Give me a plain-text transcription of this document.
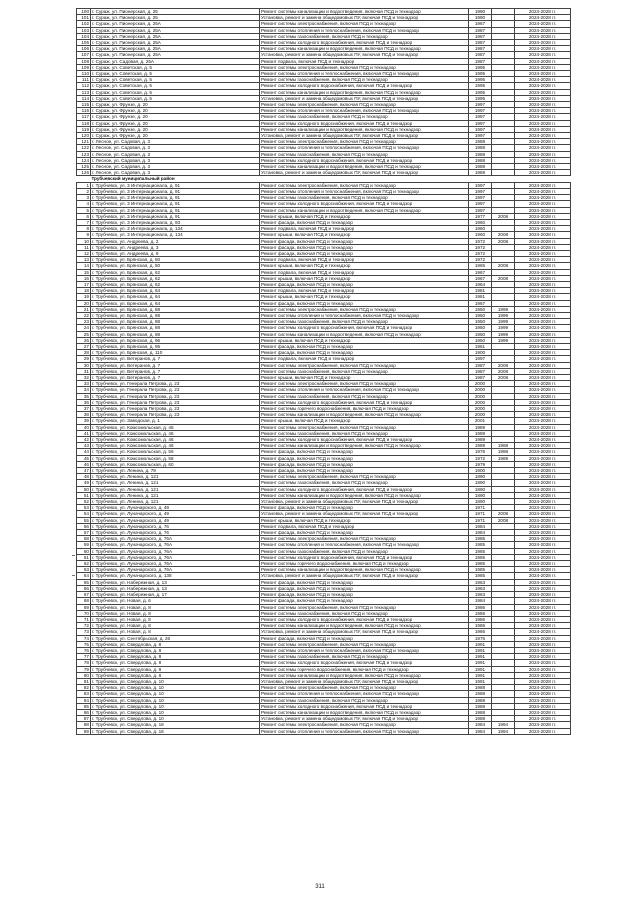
100	г. Сураж, ул. Пионерская, д. 25	Ремонт системы канализации и водоотведения, включая ПСД и технадзор	1990		2024-2028 гг.
101	г. Сураж, ул. Пионерская, д. 25	Установка, ремонт и замена общедомовых ПУ, включая ПСД и технадзор	1990		2024-2028 гг.
102	г. Сураж, ул. Пионерская, д. 25А	Ремонт системы электроснабжения, включая ПСД и технадзор	1987		2024-2028 гг.
103	г. Сураж, ул. Пионерская, д. 25А	Ремонт системы отопления и теплоснабжения, включая ПСД и технадзор	1987		2024-2028 гг.
104	г. Сураж, ул. Пионерская, д. 25А	Ремонт системы газоснабжения, включая ПСД и технадзор	1987		2024-2028 гг.
105	г. Сураж, ул. Пионерская, д. 25А	Ремонт системы холодного водоснабжения, включая ПСД и технадзор	1987		2024-2028 гг.
106	г. Сураж, ул. Пионерская, д. 25А	Ремонт системы канализации и водоотведения, включая ПСД и технадзор	1987		2024-2028 гг.
107	г. Сураж, ул. Пионерская, д. 25А	Установка, ремонт и замена общедомовых ПУ, включая ПСД и технадзор	1987		2024-2028 гг.
108	г. Сураж, ул. Садовая, д. 25А	Ремонт подвала, включая ПСД и технадзор	1987		2024-2028 гг.
109	г. Сураж, ул. Советская, д. 5	Ремонт системы электроснабжения, включая ПСД и технадзор	1995		2024-2028 гг.
110	г. Сураж, ул. Советская, д. 5	Ремонт системы отопления и теплоснабжения, включая ПСД и технадзор	1995		2024-2028 гг.
111	г. Сураж, ул. Советская, д. 5	Ремонт системы газоснабжения, включая ПСД и технадзор	1995		2024-2028 гг.
112	г. Сураж, ул. Советская, д. 5	Ремонт системы холодного водоснабжения, включая ПСД и технадзор	1995		2024-2028 гг.
113	г. Сураж, ул. Советская, д. 5	Ремонт системы канализации и водоотведения, включая ПСД и технадзор	1995		2024-2028 гг.
114	г. Сураж, ул. Советская, д. 5	Установка, ремонт и замена общедомовых ПУ, включая ПСД и технадзор	1995		2024-2028 гг.
115	г. Сураж, ул. Фрунзе, д. 20	Ремонт системы электроснабжения, включая ПСД и технадзор	1997		2024-2028 гг.
116	г. Сураж, ул. Фрунзе, д. 20	Ремонт системы отопления и теплоснабжения, включая ПСД и технадзор	1997		2024-2028 гг.
117	г. Сураж, ул. Фрунзе, д. 20	Ремонт системы газоснабжения, включая ПСД и технадзор	1997		2024-2028 гг.
118	г. Сураж, ул. Фрунзе, д. 20	Ремонт системы холодного водоснабжения, включая ПСД и технадзор	1997		2024-2028 гг.
119	г. Сураж, ул. Фрунзе, д. 20	Ремонт системы канализации и водоотведения, включая ПСД и технадзор	1997		2024-2028 гг.
120	г. Сураж, ул. Фрунзе, д. 20	Установка, ремонт и замена общедомовых ПУ, включая ПСД и технадзор	1997		2024-2028 гг.
121	г. Лесное, ул. Садовая, д. 3	Ремонт системы электроснабжения, включая ПСД и технадзор	1988		2024-2028 гг.
122	г. Лесное, ул. Садовая, д. 3	Ремонт системы отопления и теплоснабжения, включая ПСД и технадзор	1988		2024-2028 гг.
123	г. Лесное, ул. Садовая, д. 3	Ремонт системы газоснабжения, включая ПСД и технадзор	1988		2024-2028 гг.
124	г. Лесное, ул. Садовая, д. 3	Ремонт системы холодного водоснабжения, включая ПСД и технадзор	1988		2024-2028 гг.
125	г. Лесное, ул. Садовая, д. 3	Ремонт системы канализации и водоотведения, включая ПСД и технадзор	1988		2024-2028 гг.
126	г. Лесное, ул. Садовая, д. 3	Установка, ремонт и замена общедомовых ПУ, включая ПСД и технадзор	1988		2024-2028 гг.
	Трубчевский муниципальный район				
1	г. Трубчевск, ул. 3 Интернационала, д. 91	Ремонт системы электроснабжения, включая ПСД и технадзор	1997		2024-2028 гг.
2	г. Трубчевск, ул. 3 Интернационала, д. 91	Ремонт системы отопления и теплоснабжения, включая ПСД и технадзор	1997		2024-2028 гг.
3	г. Трубчевск, ул. 3 Интернационала, д. 91	Ремонт системы газоснабжения, включая ПСД и технадзор	1997		2024-2028 гг.
4	г. Трубчевск, ул. 3 Интернационала, д. 91	Ремонт системы холодного водоснабжения, включая ПСД и технадзор	1997		2024-2028 гг.
5	г. Трубчевск, ул. 3 Интернационала, д. 91	Ремонт системы канализации и водоотведения, включая ПСД и технадзор	1997		2024-2028 гг.
6	г. Трубчевск, ул. 3 Интернационала, д. 91	Ремонт крыши, включая ПСД и технадзор	1977	2008	2024-2028 гг.
7	г. Трубчевск, ул. 3 Интернационала, д. 93	Ремонт фасада, включая ПСД и технадзор	1960		2024-2028 гг.
8	г. Трубчевск, ул. 3 Интернационала, д. 134	Ремонт подвала, включая ПСД и технадзор	1960		2024-2028 гг.
9	г. Трубчевск, ул. 3 Интернационала, д. 134	Ремонт крыши, включая ПСД и технадзор	1960	2008	2024-2028 гг.
10	г. Трубчевск, ул. Андреева, д. 2	Ремонт фасада, включая ПСД и технадзор	1972	2008	2024-2028 гг.
11	г. Трубчевск, ул. Андреева, д. 3	Ремонт фасада, включая ПСД и технадзор	1972		2024-2028 гг.
12	г. Трубчевск, ул. Андреева, д. 9	Ремонт фасада, включая ПСД и технадзор	1972		2024-2028 гг.
13	г. Трубчевск, ул. Брянская, д. 50	Ремонт подвала, включая ПСД и технадзор	1972		2024-2028 гг.
14	г. Трубчевск, ул. Брянская, д. 50	Ремонт крыши, включая ПСД и технадзор	1965	2008	2024-2028 гг.
15	г. Трубчевск, ул. Брянская, д. 62	Ремонт подвала, включая ПСД и технадзор	1967		2024-2028 гг.
16	г. Трубчевск, ул. Брянская, д. 62	Ремонт крыши, включая ПСД и технадзор	1967	2008	2024-2028 гг.
17	г. Трубчевск, ул. Брянская, д. 62	Ремонт фасада, включая ПСД и технадзор	1964		2024-2028 гг.
18	г. Трубчевск, ул. Брянская, д. 64	Ремонт подвала, включая ПСД и технадзор	1981		2024-2028 гг.
19	г. Трубчевск, ул. Брянская, д. 64	Ремонт крыши, включая ПСД и технадзор	1981		2024-2028 гг.
20	г. Трубчевск, ул. Брянская, д. 64	Ремонт фасада, включая ПСД и технадзор	1967		2024-2028 гг.
21	г. Трубчевск, ул. Брянская, д. 88	Ремонт системы электроснабжения, включая ПСД и технадзор	1950	1999	2024-2028 гг.
22	г. Трубчевск, ул. Брянская, д. 88	Ремонт системы отопления и теплоснабжения, включая ПСД и технадзор	1950	1999	2024-2028 гг.
23	г. Трубчевск, ул. Брянская, д. 88	Ремонт системы газоснабжения, включая ПСД и технадзор	1950	1999	2024-2028 гг.
24	г. Трубчевск, ул. Брянская, д. 88	Ремонт системы холодного водоснабжения, включая ПСД и технадзор	1950	1999	2024-2028 гг.
25	г. Трубчевск, ул. Брянская, д. 88	Ремонт системы канализации и водоотведения, включая ПСД и технадзор	1950	1999	2024-2028 гг.
26	г. Трубчевск, ул. Брянская, д. 96	Ремонт крыши, включая ПСД и технадзор	1950	1999	2024-2028 гг.
27	г. Трубчевск, ул. Брянская, д. 96	Ремонт фасада, включая ПСД и технадзор	1961		2024-2028 гг.
28	г. Трубчевск, ул. Брянская, д. 110	Ремонт фасада, включая ПСД и технадзор	1900		2024-2028 гг.
29	г. Трубчевск, ул. Ветеранов, д. 7	Ремонт подвала, включая ПСД и технадзор	1997		2024-2028 гг.
30	г. Трубчевск, ул. Ветеранов, д. 7	Ремонт системы электроснабжения, включая ПСД и технадзор	1987	2008	2024-2028 гг.
31	г. Трубчевск, ул. Ветеранов, д. 7	Ремонт системы газоснабжения, включая ПСД и технадзор	1987	2008	2024-2028 гг.
32	г. Трубчевск, ул. Ветеранов, д. 7	Ремонт крыши, включая ПСД и технадзор	1987	2008	2024-2028 гг.
33	г. Трубчевск, ул. Генерала Петрова, д. 23	Ремонт системы электроснабжения, включая ПСД и технадзор	2000		2024-2028 гг.
34	г. Трубчевск, ул. Генерала Петрова, д. 23	Ремонт системы отопления и теплоснабжения, включая ПСД и технадзор	2000		2024-2028 гг.
35	г. Трубчевск, ул. Генерала Петрова, д. 23	Ремонт системы газоснабжения, включая ПСД и технадзор	2000		2024-2028 гг.
36	г. Трубчевск, ул. Генерала Петрова, д. 23	Ремонт системы холодного водоснабжения, включая ПСД и технадзор	2000		2024-2028 гг.
37	г. Трубчевск, ул. Генерала Петрова, д. 23	Ремонт системы горячего водоснабжения, включая ПСД и технадзор	2000		2024-2028 гг.
38	г. Трубчевск, ул. Генерала Петрова, д. 23	Ремонт системы канализации и водоотведения, включая ПСД и технадзор	2000		2024-2028 гг.
39	г. Трубчевск, ул. Заводская, д. 1	Ремонт крыши, включая ПСД и технадзор	2001		2024-2028 гг.
40	г. Трубчевск, ул. Комсомольская, д. 46	Ремонт системы электроснабжения, включая ПСД и технадзор	1989		2024-2028 гг.
41	г. Трубчевск, ул. Комсомольская, д. 46	Ремонт системы газоснабжения, включая ПСД и технадзор	1989		2024-2028 гг.
42	г. Трубчевск, ул. Комсомольская, д. 46	Ремонт системы холодного водоснабжения, включая ПСД и технадзор	1989		2024-2028 гг.
43	г. Трубчевск, ул. Комсомольская, д. 46	Ремонт системы канализации и водоотведения, включая ПСД и технадзор	1989	1988	2024-2028 гг.
44	г. Трубчевск, ул. Комсомольская, д. 56	Ремонт фасада, включая ПСД и технадзор	1976	1988	2024-2028 гг.
45	г. Трубчевск, ул. Комсомольская, д. 58	Ремонт фасада, включая ПСД и технадзор	1972	1989	2024-2028 гг.
46	г. Трубчевск, ул. Комсомольская, д. 60	Ремонт фасада, включая ПСД и технадзор	1979		2024-2028 гг.
47	г. Трубчевск, ул. Ленина, д. 79	Ремонт фасада, включая ПСД и технадзор	1900		2024-2028 гг.
48	г. Трубчевск, ул. Ленина, д. 121	Ремонт системы электроснабжения, включая ПСД и технадзор	1890		2024-2028 гг.
49	г. Трубчевск, ул. Ленина, д. 121	Ремонт системы газоснабжения, включая ПСД и технадзор	1890		2024-2028 гг.
50	г. Трубчевск, ул. Ленина, д. 121	Ремонт системы холодного водоснабжения, включая ПСД и технадзор	1890		2024-2028 гг.
51	г. Трубчевск, ул. Ленина, д. 121	Ремонт системы канализации и водоотведения, включая ПСД и технадзор	1890		2024-2028 гг.
52	г. Трубчевск, ул. Ленина, д. 121	Установка, ремонт и замена общедомовых ПУ, включая ПСД и технадзор	1890		2024-2028 гг.
53	г. Трубчевск, ул. Луначарского, д. 49	Ремонт фасада, включая ПСД и технадзор	1971		2024-2028 гг.
54	г. Трубчевск, ул. Луначарского, д. 49	Установка, ремонт и замена общедомовых ПУ, включая ПСД и технадзор	1971	2008	2024-2028 гг.
55	г. Трубчевск, ул. Луначарского, д. 49	Ремонт крыши, включая ПСД и технадзор	1971	2008	2024-2028 гг.
56	г. Трубчевск, ул. Луначарского, д. 76	Ремонт подвала, включая ПСД и технадзор	1984		2024-2028 гг.
57	г. Трубчевск, ул. Луначарского, д. 76	Ремонт фасада, включая ПСД и технадзор	1984		2024-2028 гг.
58	г. Трубчевск, ул. Луначарского, д. 76А	Ремонт системы электроснабжения, включая ПСД и технадзор	1985		2024-2028 гг.
59	г. Трубчевск, ул. Луначарского, д. 76А	Ремонт системы отопления и теплоснабжения, включая ПСД и технадзор	1985		2024-2028 гг.
60	г. Трубчевск, ул. Луначарского, д. 76А	Ремонт системы газоснабжения, включая ПСД и технадзор	1985		2024-2028 гг.
61	г. Трубчевск, ул. Луначарского, д. 76А	Ремонт системы холодного водоснабжения, включая ПСД и технадзор	1985		2024-2028 гг.
62	г. Трубчевск, ул. Луначарского, д. 76А	Ремонт системы горячего водоснабжения, включая ПСД и технадзор	1985		2024-2028 гг.
63	г. Трубчевск, ул. Луначарского, д. 76А	Ремонт системы канализации и водоотведения, включая ПСД и технадзор	1985		2024-2028 гг.
64	г. Трубчевск, ул. Луначарского, д. 138	Установка, ремонт и замена общедомовых ПУ, включая ПСД и технадзор	1985		2024-2028 гг.
65	г. Трубчевск, ул. Набережная, д. 13	Ремонт фасада, включая ПСД и технадзор	1963		2024-2028 гг.
66	г. Трубчевск, ул. Набережная, д. 13	Ремонт фасада, включая ПСД и технадзор	1963		2024-2028 гг.
67	г. Трубчевск, ул. Набережная, д. 17	Ремонт фасада, включая ПСД и технадзор	1963		2024-2028 гг.
68	г. Трубчевск, ул. Новая, д. 6	Ремонт фасада, включая ПСД и технадзор	1984		2024-2028 гг.
69	г. Трубчевск, ул. Новая, д. 8	Ремонт системы электроснабжения, включая ПСД и технадзор	1986		2024-2028 гг.
70	г. Трубчевск, ул. Новая, д. 8	Ремонт системы газоснабжения, включая ПСД и технадзор	1986		2024-2028 гг.
71	г. Трубчевск, ул. Новая, д. 8	Ремонт системы холодного водоснабжения, включая ПСД и технадзор	1986		2024-2028 гг.
72	г. Трубчевск, ул. Новая, д. 8	Ремонт системы канализации и водоотведения, включая ПСД и технадзор	1986		2024-2028 гг.
73	г. Трубчевск, ул. Новая, д. 8	Установка, ремонт и замена общедомовых ПУ, включая ПСД и технадзор	1986		2024-2028 гг.
74	г. Трубчевск, ул. Сентябрьская, д. 26	Ремонт фасада, включая ПСД и технадзор	1976		2024-2028 гг.
75	г. Трубчевск, ул. Свердлова, д. 8	Ремонт системы электроснабжения, включая ПСД и технадзор	1991		2024-2028 гг.
76	г. Трубчевск, ул. Свердлова, д. 8	Ремонт системы отопления и теплоснабжения, включая ПСД и технадзор	1991		2024-2028 гг.
77	г. Трубчевск, ул. Свердлова, д. 8	Ремонт системы газоснабжения, включая ПСД и технадзор	1991		2024-2028 гг.
78	г. Трубчевск, ул. Свердлова, д. 8	Ремонт системы холодного водоснабжения, включая ПСД и технадзор	1991		2024-2028 гг.
79	г. Трубчевск, ул. Свердлова, д. 8	Ремонт системы горячего водоснабжения, включая ПСД и технадзор	1991		2024-2028 гг.
80	г. Трубчевск, ул. Свердлова, д. 8	Ремонт системы канализации и водоотведения, включая ПСД и технадзор	1991		2024-2028 гг.
81	г. Трубчевск, ул. Свердлова, д. 10	Установка, ремонт и замена общедомовых ПУ, включая ПСД и технадзор	1991		2024-2028 гг.
82	г. Трубчевск, ул. Свердлова, д. 10	Ремонт системы электроснабжения, включая ПСД и технадзор	1988		2024-2028 гг.
83	г. Трубчевск, ул. Свердлова, д. 10	Ремонт системы отопления и теплоснабжения, включая ПСД и технадзор	1988		2024-2028 гг.
84	г. Трубчевск, ул. Свердлова, д. 10	Ремонт системы газоснабжения, включая ПСД и технадзор	1988		2024-2028 гг.
85	г. Трубчевск, ул. Свердлова, д. 10	Ремонт системы холодного водоснабжения, включая ПСД и технадзор	1988		2024-2028 гг.
86	г. Трубчевск, ул. Свердлова, д. 10	Ремонт системы канализации и водоотведения, включая ПСД и технадзор	1988		2024-2028 гг.
87	г. Трубчевск, ул. Свердлова, д. 10	Установка, ремонт и замена общедомовых ПУ, включая ПСД и технадзор	1988		2024-2028 гг.
88	г. Трубчевск, ул. Свердлова, д. 18	Ремонт системы электроснабжения, включая ПСД и технадзор	1984	1994	2024-2028 гг.
89	г. Трубчевск, ул. Свердлова, д. 18	Ремонт системы отопления и теплоснабжения, включая ПСД и технадзор	1984	1994	2024-2028 гг.
311
